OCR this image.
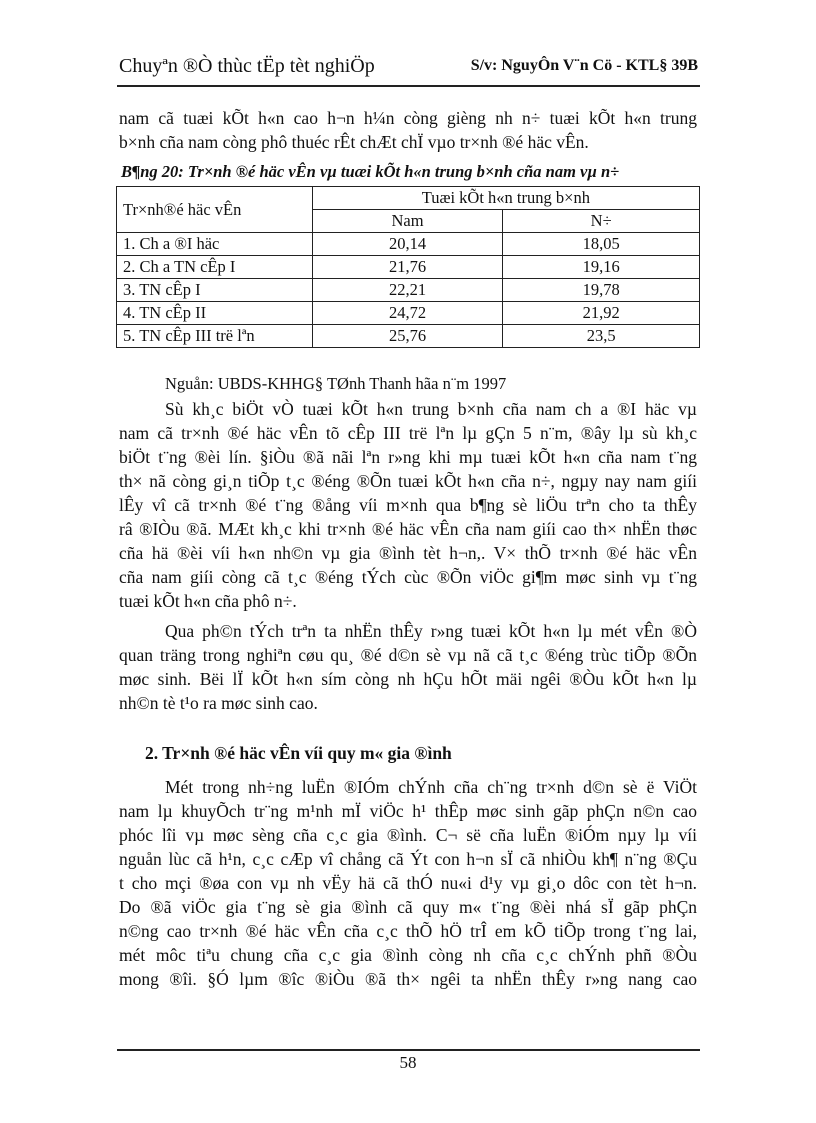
Chuyªn ®Ò thùc tËp tèt nghiÖp	S/v: NguyÔn V¨n Cö - KTL§ 39B

nam cã tuæi kÕt h«n cao h¬n h¼n còng gièng nh n÷ tuæi kÕt h«n trung
b×nh cña nam còng phô thuéc rÊt chÆt chÏ vµo tr×nh ®é häc vÊn.

B¶ng 20: Tr×nh ®é häc vÊn vµ tuæi kÕt h«n trung b×nh cña nam vµ n÷
Tr×nh®é häc vÊn	Tuæi kÕt h«n trung b×nh	
	Nam	N÷
1. Ch a ®I häc	20,14	18,05
2. Ch a TN cÊp I	21,76	19,16
3. TN cÊp I	22,21	19,78
4. TN cÊp II	24,72	21,92
5. TN cÊp III trë lªn	25,76	23,5
Nguån: UBDS-KHHG§ TØnh Thanh hãa n¨m 1997

Sù kh¸c biÖt vÒ tuæi kÕt h«n trung b×nh cña nam ch a ®I häc vµ
nam cã tr×nh ®é häc vÊn tõ cÊp III trë lªn lµ gÇn 5 n¨m, ®ây lµ sù kh¸c
biÖt t¨ng ®èi lín. §iÒu ®ã nãi lªn r»ng khi mµ tuæi kÕt h«n cña nam t¨ng
th× nã còng gi¸n tiÕp t¸c ®éng ®Õn tuæi kÕt h«n cña n÷, ngµy nay nam giíi
lÊy vî cã tr×nh ®é t¨ng ®ång víi m×nh qua b¶ng sè liÖu trªn cho ta thÊy
râ ®IÒu ®ã. MÆt kh¸c khi tr×nh ®é häc vÊn cña nam giíi cao th× nhËn thøc
cña hä ®èi víi h«n nh©n vµ gia ®ình tèt h¬n,. V× thÕ tr×nh ®é häc vÊn
cña nam giíi còng cã t¸c ®éng tÝch cùc ®Õn viÖc gi¶m møc sinh vµ t¨ng
tuæi kÕt h«n cña phô n÷.

Qua ph©n tÝch trªn ta nhËn thÊy r»ng tuæi kÕt h«n lµ mét vÊn ®Ò
quan träng trong nghiªn cøu qu¸ ®é d©n sè vµ nã cã t¸c ®éng trùc tiÕp ®Õn
møc sinh. Bëi lÏ kÕt h«n sím còng nh hÇu hÕt mäi ngêi ®Òu kÕt h«n lµ
nh©n tè t¹o ra møc sinh cao.

2. Tr×nh ®é häc vÊn víi quy m« gia ®ình

Mét trong nh÷ng luËn ®IÓm chÝnh cña ch¨ng tr×nh d©n sè ë ViÖt
nam lµ khuyÕch tr¨ng m¹nh mÏ viÖc h¹ thÊp møc sinh gãp phÇn n©n cao
phóc lîi vµ møc sèng cña c¸c gia ®ình. C¬ së cña luËn ®iÓm nµy lµ víi
nguån lùc cã h¹n, c¸c cÆp vî chång cã Ýt con h¬n sÏ cã nhiÒu kh¶ n¨ng ®Çu
t cho mçi ®øa con vµ nh vËy hä cã thÓ nu«i d¹y vµ gi¸o dôc con tèt h¬n.
Do ®ã viÖc gia t¨ng sè gia ®ình cã quy m« t¨ng ®èi nhá sÏ gãp phÇn
n©ng cao tr×nh ®é häc vÊn cña c¸c thÕ hÖ trÎ em kÕ tiÕp trong t¨ng lai,
mét môc tiªu chung cña c¸c gia ®ình còng nh cña c¸c chÝnh phñ ®Òu
mong ®îi. §Ó lµm ®îc ®iÒu ®ã th× ngêi ta nhËn thÊy r»ng nang cao

58
